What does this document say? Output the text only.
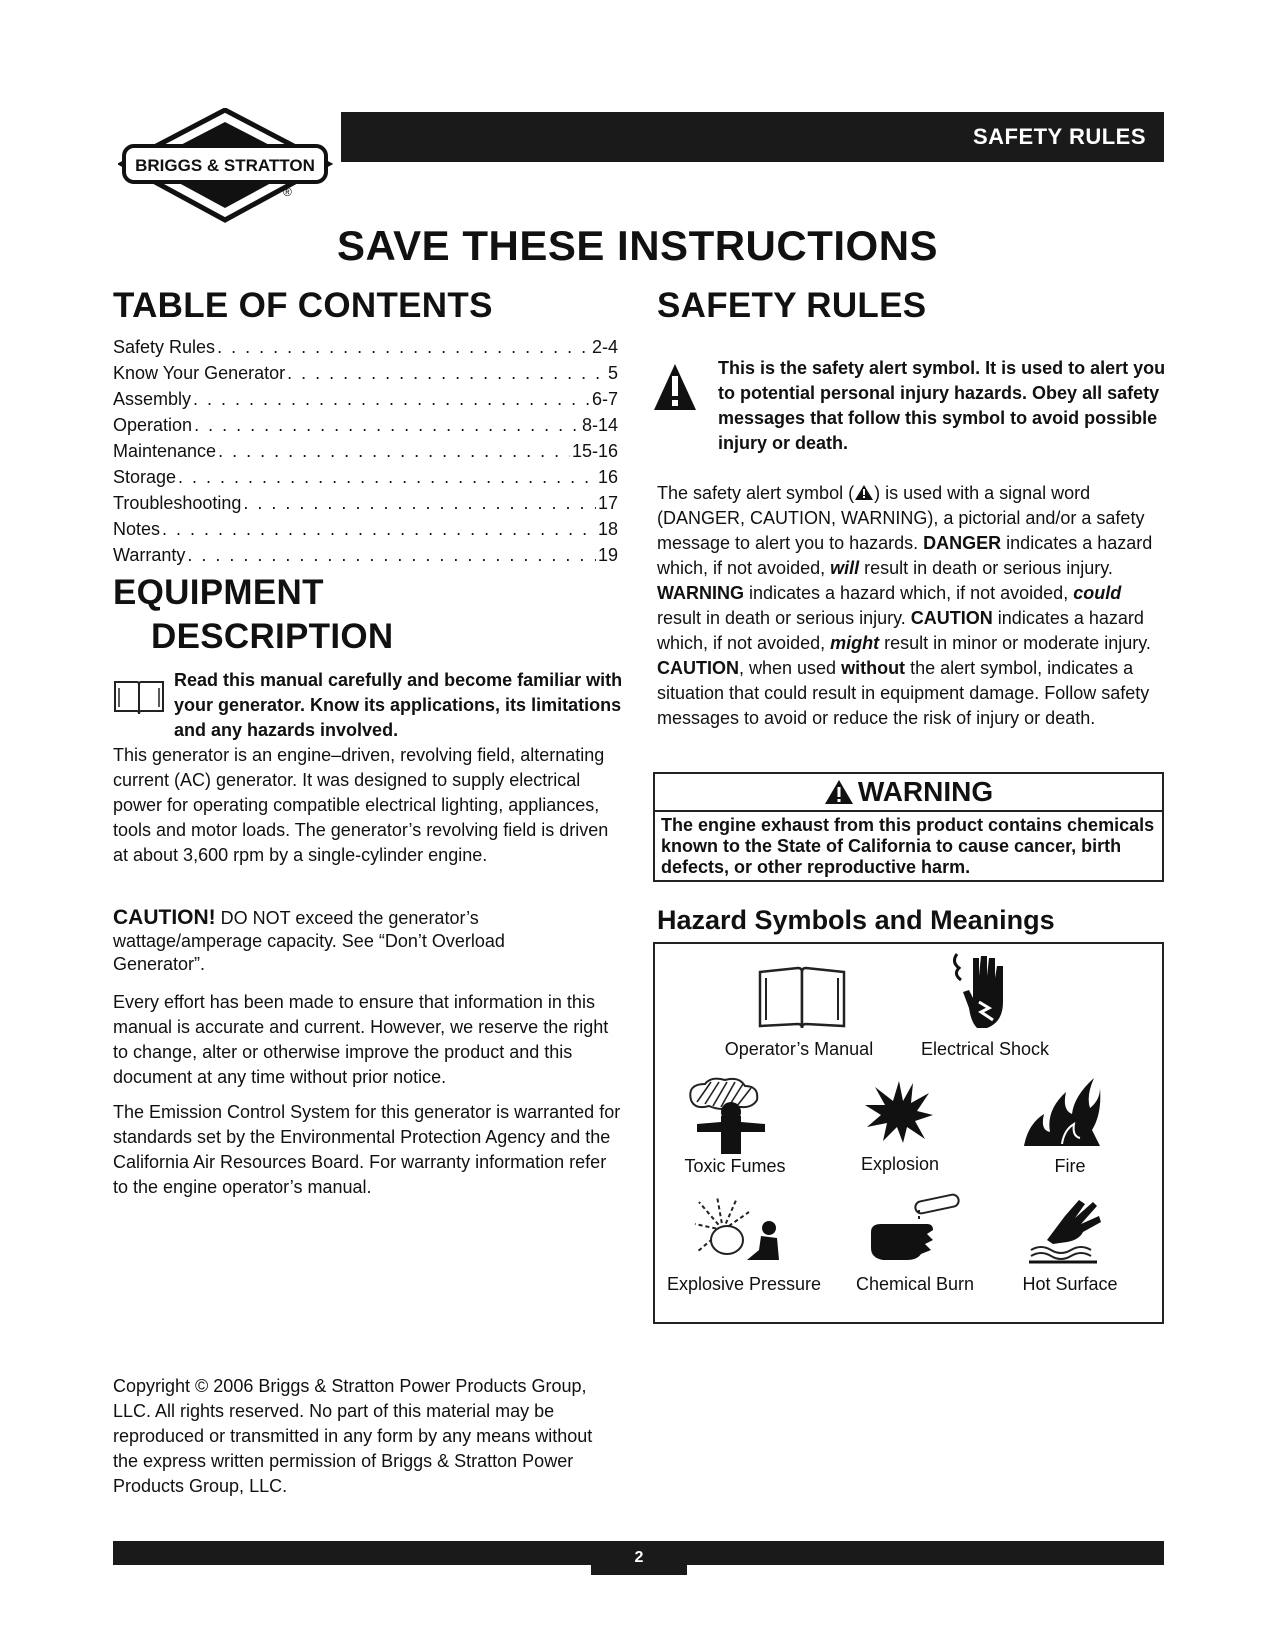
SAFETY RULES
BRIGGS & STRATTON
®
SAVE THESE INSTRUCTIONS
TABLE OF CONTENTS
Safety Rules . . .	2-4
Know Your Generator . . .	5
Assembly . . .	6-7
Operation . . .	8-14
Maintenance . . .	15-16
Storage . . .	16
Troubleshooting . . .	17
Notes . . .	18
Warranty . . .	19
EQUIPMENT
DESCRIPTION
Read this manual carefully and become familiar with your generator. Know its applications, its limitations and any hazards involved.
This generator is an engine–driven, revolving field, alternating current (AC) generator. It was designed to supply electrical power for operating compatible electrical lighting, appliances, tools and motor loads. The generator’s revolving field is driven at about 3,600 rpm by a single-cylinder engine.
CAUTION! DO NOT exceed the generator’s wattage/amperage capacity. See “Don’t Overload Generator”.
Every effort has been made to ensure that information in this manual is accurate and current. However, we reserve the right to change, alter or otherwise improve the product and this document at any time without prior notice.
The Emission Control System for this generator is warranted for standards set by the Environmental Protection Agency and the California Air Resources Board. For warranty information refer to the engine operator’s manual.
Copyright © 2006 Briggs & Stratton Power Products Group, LLC. All rights reserved. No part of this material may be reproduced or transmitted in any form by any means without the express written permission of Briggs & Stratton Power Products Group, LLC.
SAFETY RULES
This is the safety alert symbol. It is used to alert you to potential personal injury hazards. Obey all safety messages that follow this symbol to avoid possible injury or death.
The safety alert symbol ( ) is used with a signal word (DANGER, CAUTION, WARNING), a pictorial and/or a safety message to alert you to hazards. DANGER indicates a hazard which, if not avoided, will result in death or serious injury. WARNING indicates a hazard which, if not avoided, could result in death or serious injury. CAUTION indicates a hazard which, if not avoided, might result in minor or moderate injury. CAUTION, when used without the alert symbol, indicates a situation that could result in equipment damage. Follow safety messages to avoid or reduce the risk of injury or death.
WARNING
The engine exhaust from this product contains chemicals known to the State of California to cause cancer, birth defects, or other reproductive harm.
Hazard Symbols and Meanings
Operator’s Manual	Electrical Shock
Toxic Fumes	Explosion	Fire
Explosive Pressure	Chemical Burn	Hot Surface
2
